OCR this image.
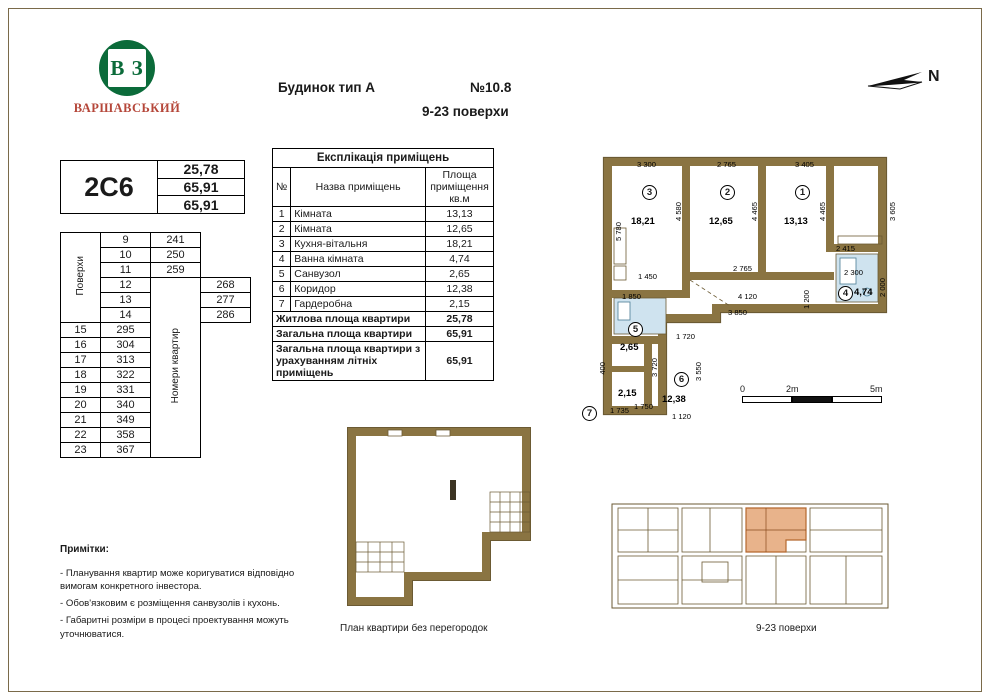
В З
ВАРШАВСЬКИЙ
Будинок тип А	№10.8
9-23 поверхи
N
2С6
25,78
65,91
65,91
Поверхи	9	241	
	10	250	
	11	259	
	12	Номери квартир	268
	13		277
	14		286
15	295		
16	304		
17	313		
18	322		
19	331		
20	340		
21	349		
22	358		
23	367		
Експлікація приміщень		
№	Назва приміщень	Площа приміщення кв.м
1	Кімната	13,13
2	Кімната	12,65
3	Кухня-вітальня	18,21
4	Ванна кімната	4,74
5	Санвузол	2,65
6	Коридор	12,38
7	Гардеробна	2,15
Житлова площа квартири		25,78
Загальна площа квартири		65,91
Загальна площа квартири з урахуванням літніх приміщень		65,91
Примітки:
- Планування квартир може коригуватися відповідно вимогам конкретного інвестора.
- Обов'язковим є розміщення санвузолів і кухонь.
- Габаритні розміри в процесі проектування можуть уточнюватися.
3
18,21
2
12,65
1
13,13
4 4,74
5
2,65
6
12,38
7
2,15
3 300	2 765	3 405
4 580	4 465	4 465	3 605
2 415
2 300
5 780
1 450
2 765
4 120	1 200
1 850
3 850
1 720
3 550
3 720
1 750
1 120
400
1 735
2 000
0	2m	5m
План квартири без перегородок	9-23 поверхи
